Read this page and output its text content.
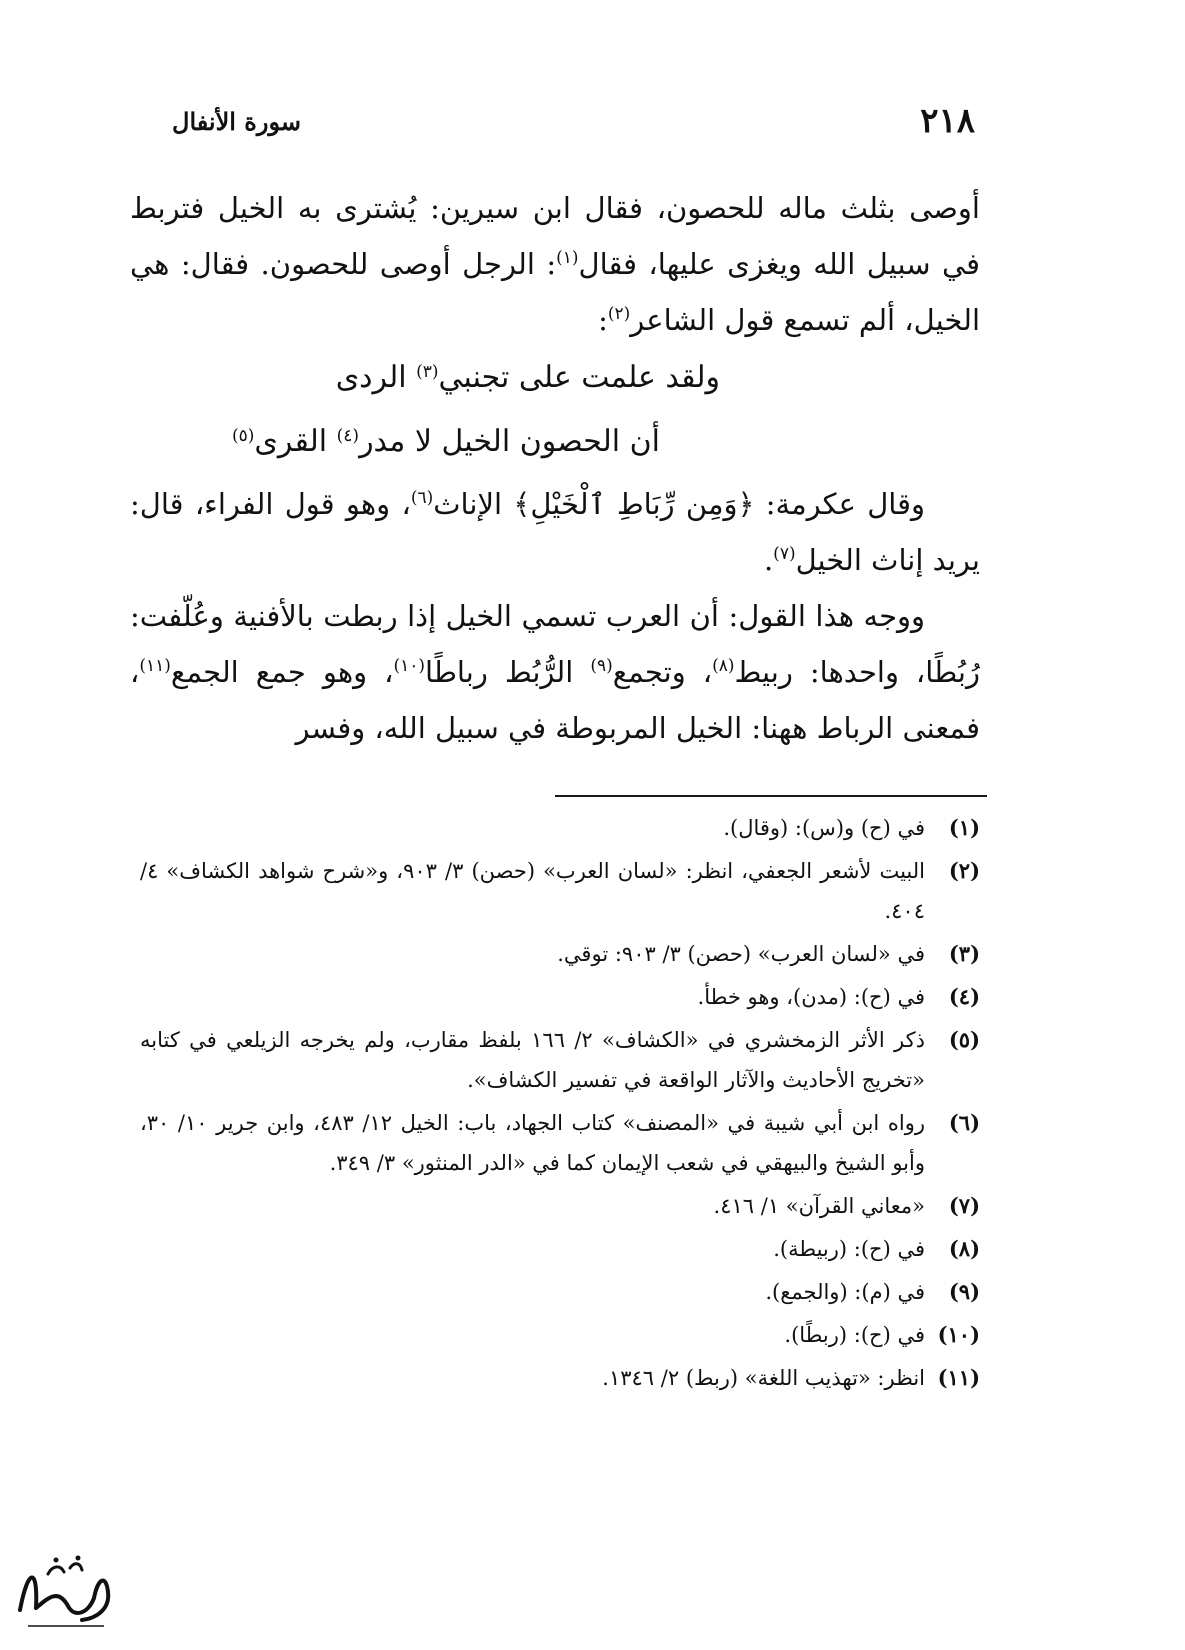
٢١٨
سورة الأنفال

أوصى بثلث ماله للحصون، فقال ابن سيرين: يُشترى به الخيل فتربط في سبيل الله ويغزى عليها، فقال$^{(١)}$: الرجل أوصى للحصون. فقال: هي الخيل، ألم تسمع قول الشاعر$^{(٢)}$:

ولقد علمت على تجنبي$^{(٣)}$ الردى
أن الحصون الخيل لا مدر$^{(٤)}$ القرى$^{(٥)}$

وقال عكرمة: ﴿وَمِن رِّبَاطِ ٱلْخَيْلِ﴾ الإناث$^{(٦)}$، وهو قول الفراء، قال: يريد إناث الخيل$^{(٧)}$.

ووجه هذا القول: أن العرب تسمي الخيل إذا ربطت بالأفنية وعُلّفت: رُبُطًا، واحدها: ربيط$^{(٨)}$، وتجمع$^{(٩)}$ الرُّبُط رباطًا$^{(١٠)}$، وهو جمع الجمع$^{(١١)}$، فمعنى الرباط ههنا: الخيل المربوطة في سبيل الله، وفسر

(١)
في (ح) و(س): (وقال).
(٢)
البيت لأشعر الجعفي، انظر: «لسان العرب» (حصن) ٣/ ٩٠٣، و«شرح شواهد الكشاف» ٤/ ٤٠٤.
(٣)
في «لسان العرب» (حصن) ٣/ ٩٠٣: توقي.
(٤)
في (ح): (مدن)، وهو خطأ.
(٥)
ذكر الأثر الزمخشري في «الكشاف» ٢/ ١٦٦ بلفظ مقارب، ولم يخرجه الزيلعي في كتابه «تخريج الأحاديث والآثار الواقعة في تفسير الكشاف».
(٦)
رواه ابن أبي شيبة في «المصنف» كتاب الجهاد، باب: الخيل ١٢/ ٤٨٣، وابن جرير ١٠/ ٣٠، وأبو الشيخ والبيهقي في شعب الإيمان كما في «الدر المنثور» ٣/ ٣٤٩.
(٧)
«معاني القرآن» ١/ ٤١٦.
(٨)
في (ح): (ربيطة).
(٩)
في (م): (والجمع).
(١٠)
في (ح): (ربطًا).
(١١)
انظر: «تهذيب اللغة» (ربط) ٢/ ١٣٤٦.
